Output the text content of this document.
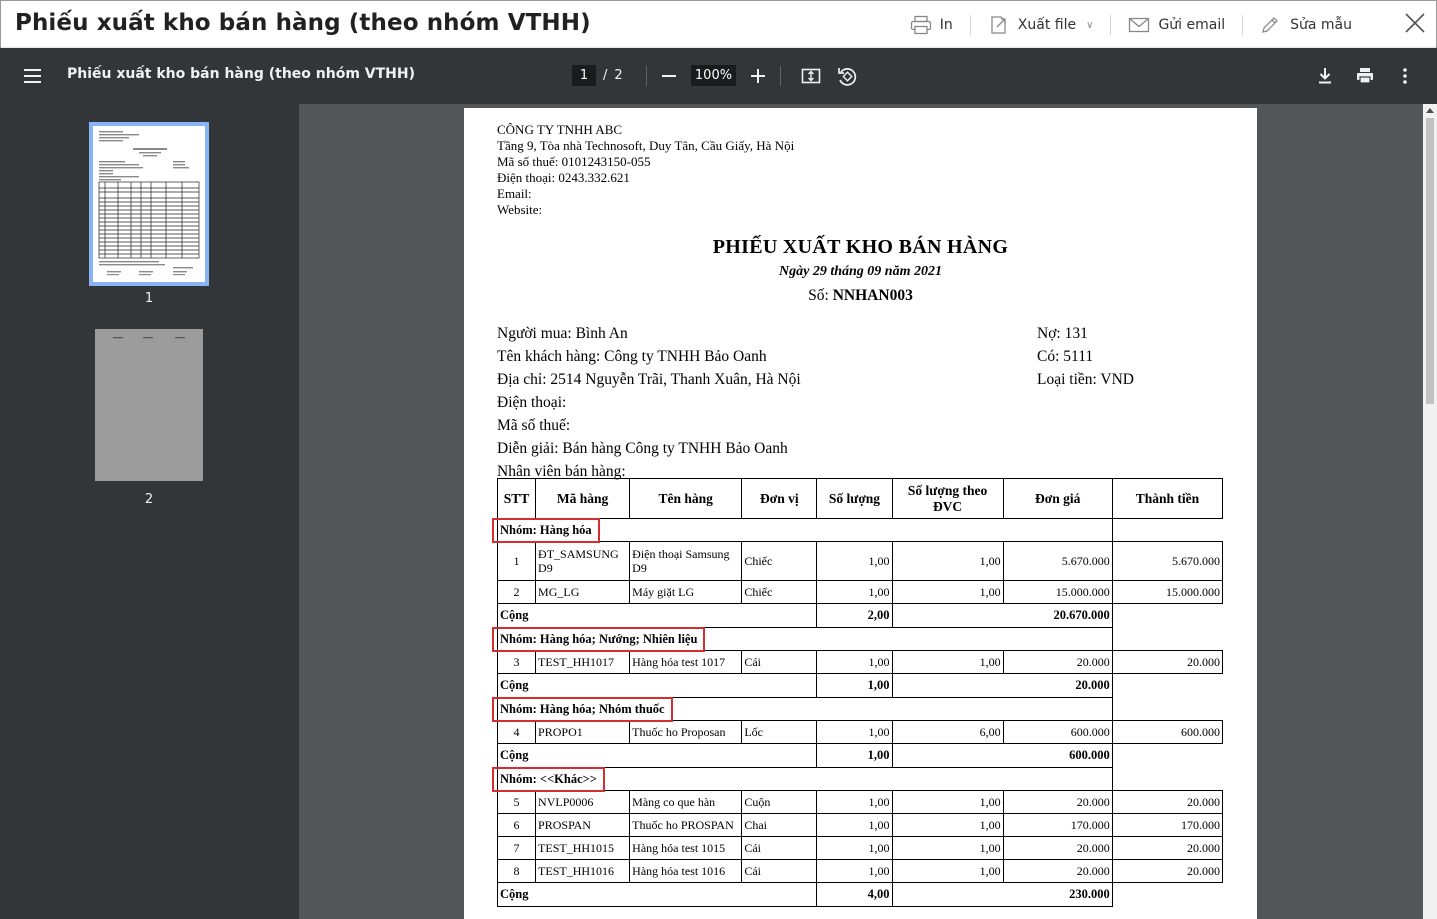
Phiếu xuất kho bán hàng (theo nhóm VTHH)	In	Xuất file ∨	Gửi email	Sửa mẫu
Phiếu xuất kho bán hàng (theo nhóm VTHH)	1	/ 2	100%
1
2
CÔNG TY TNHH ABC
Tầng 9, Tòa nhà Technosoft, Duy Tân, Cầu Giấy, Hà Nội
Mã số thuế: 0101243150-055
Điện thoại: 0243.332.621
Email:
Website:
PHIẾU XUẤT KHO BÁN HÀNG
Ngày 29 tháng 09 năm 2021
Số: NNHAN003
Người mua: Bình An
Tên khách hàng: Công ty TNHH Bảo Oanh
Địa chỉ: 2514 Nguyễn Trãi, Thanh Xuân, Hà Nội
Điện thoại:
Mã số thuế:
Diễn giải: Bán hàng Công ty TNHH Bảo Oanh
Nhân viên bán hàng:
Nợ: 131
Có: 5111
Loại tiền: VND
STT	Mã hàng	Tên hàng	Đơn vị	Số lượng	Số lượng theo ĐVC	Đơn giá	Thành tiền
Nhóm: Hàng hóa							
1	ĐT_SAMSUNG D9	Điện thoại Samsung D9	Chiếc	1,00	1,00	5.670.000	5.670.000
2	MG_LG	Máy giặt LG	Chiếc	1,00	1,00	15.000.000	15.000.000
Cộng				2,00	20.670.000		
Nhóm: Hàng hóa; Nướng; Nhiên liệu							
3	TEST_HH1017	Hàng hóa test 1017	Cái	1,00	1,00	20.000	20.000
Cộng				1,00	20.000		
Nhóm: Hàng hóa; Nhóm thuốc							
4	PROPO1	Thuốc ho Proposan	Lốc	1,00	6,00	600.000	600.000
Cộng				1,00	600.000		
Nhóm: <<Khác>>							
5	NVLP0006	Màng co que hàn	Cuộn	1,00	1,00	20.000	20.000
6	PROSPAN	Thuốc ho PROSPAN	Chai	1,00	1,00	170.000	170.000
7	TEST_HH1015	Hàng hóa test 1015	Cái	1,00	1,00	20.000	20.000
8	TEST_HH1016	Hàng hóa test 1016	Cái	1,00	1,00	20.000	20.000
Cộng				4,00	230.000		
